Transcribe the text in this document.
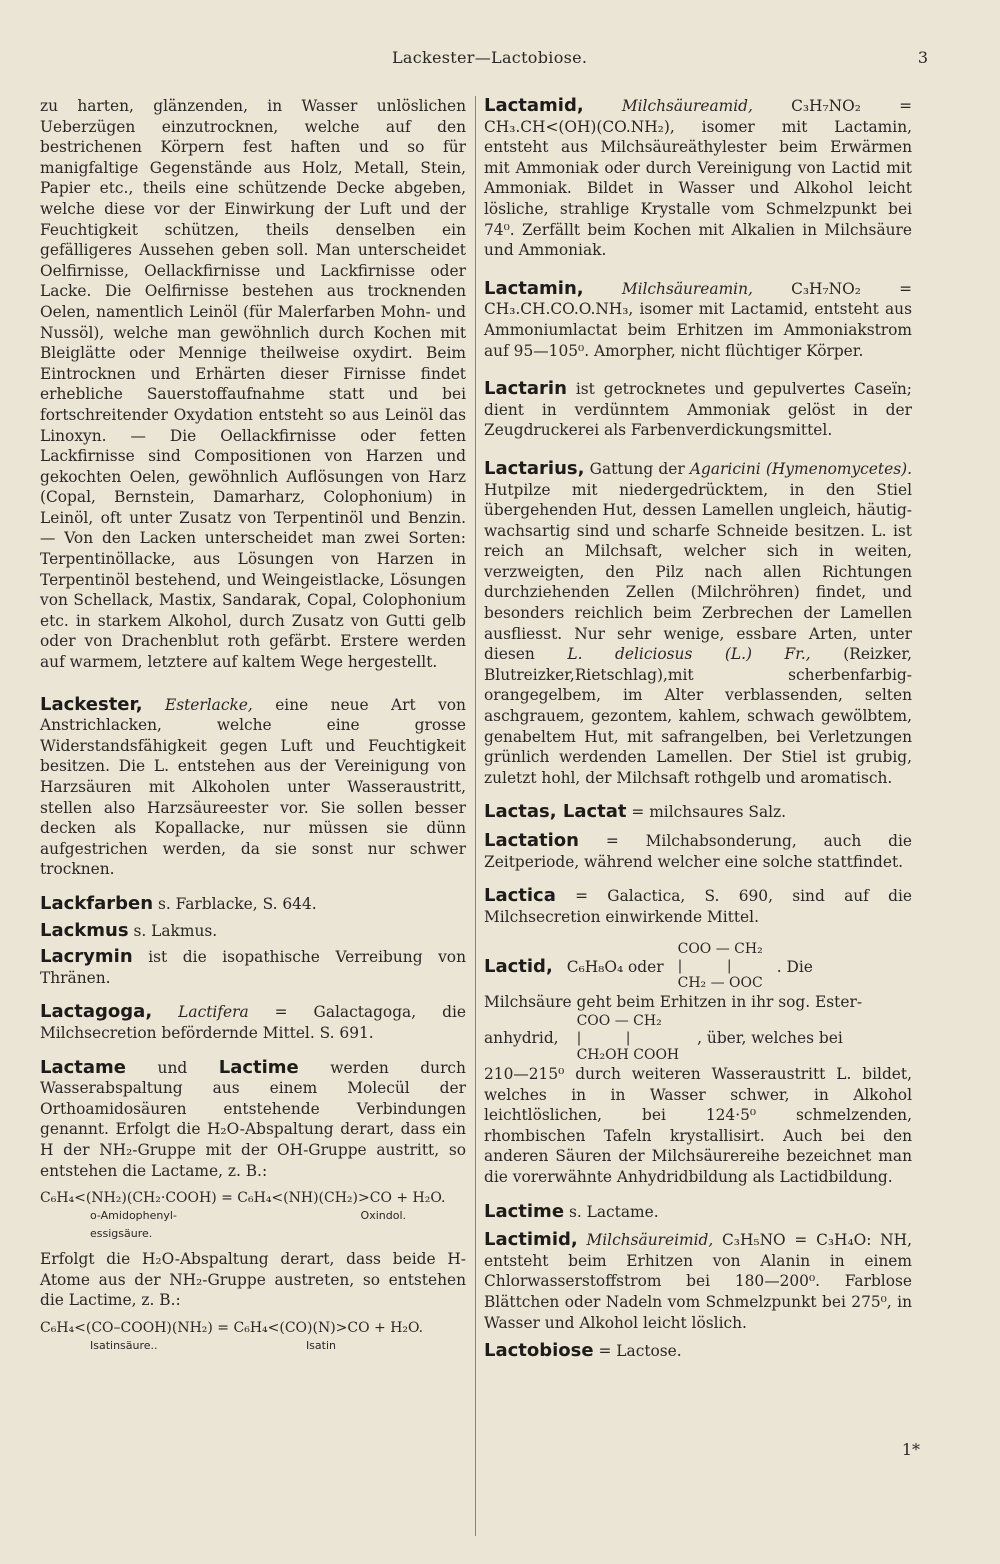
Lackester—Lactobiose.	3

zu harten, glänzenden, in Wasser unlöslichen Ueberzügen einzutrocknen, welche auf den bestrichenen Körpern fest haften und so für manigfaltige Gegenstände aus Holz, Metall, Stein, Papier etc., theils eine schützende Decke abgeben, welche diese vor der Einwirkung der Luft und der Feuchtigkeit schützen, theils denselben ein gefälligeres Aussehen geben soll. Man unterscheidet Oelfirnisse, Oellackfirnisse und Lackfirnisse oder Lacke. Die Oelfirnisse bestehen aus trocknenden Oelen, namentlich Leinöl (für Malerfarben Mohn- und Nussöl), welche man gewöhnlich durch Kochen mit Bleiglätte oder Mennige theilweise oxydirt. Beim Eintrocknen und Erhärten dieser Firnisse findet erhebliche Sauerstoffaufnahme statt und bei fortschreitender Oxydation entsteht so aus Leinöl das Linoxyn. — Die Oellackfirnisse oder fetten Lackfirnisse sind Compositionen von Harzen und gekochten Oelen, gewöhnlich Auflösungen von Harz (Copal, Bernstein, Damarharz, Colophonium) in Leinöl, oft unter Zusatz von Terpentinöl und Benzin. — Von den Lacken unterscheidet man zwei Sorten: Terpentinöllacke, aus Lösungen von Harzen in Terpentinöl bestehend, und Weingeistlacke, Lösungen von Schellack, Mastix, Sandarak, Copal, Colophonium etc. in starkem Alkohol, durch Zusatz von Gutti gelb oder von Drachenblut roth gefärbt. Erstere werden auf warmem, letztere auf kaltem Wege hergestellt.

Lackester, Esterlacke, eine neue Art von Anstrichlacken, welche eine grosse Widerstandsfähigkeit gegen Luft und Feuchtigkeit besitzen. Die L. entstehen aus der Vereinigung von Harzsäuren mit Alkoholen unter Wasseraustritt, stellen also Harzsäureester vor. Sie sollen besser decken als Kopallacke, nur müssen sie dünn aufgestrichen werden, da sie sonst nur schwer trocknen.

Lackfarben s. Farblacke, S. 644.

Lackmus s. Lakmus.

Lacrymin ist die isopathische Verreibung von Thränen.

Lactagoga, Lactifera = Galactagoga, die Milchsecretion befördernde Mittel. S. 691.

Lactame und Lactime werden durch Wasserabspaltung aus einem Molecül der Orthoamidosäuren entstehende Verbindungen genannt. Erfolgt die H₂O-Abspaltung derart, dass ein H der NH₂-Gruppe mit der OH-Gruppe austritt, so entstehen die Lactame, z. B.:

C₆H₄<(NH₂)(CH₂·COOH) = C₆H₄<(NH)(CH₂)>CO + H₂O.
o-Amidophenyl-essigsäure.
Oxindol.

Erfolgt die H₂O-Abspaltung derart, dass beide H-Atome aus der NH₂-Gruppe austreten, so entstehen die Lactime, z. B.:

C₆H₄<(CO–COOH)(NH₂) = C₆H₄<(CO)(N)>CO + H₂O.
Isatinsäure..	Isatin

Lactamid, Milchsäureamid, C₃H₇NO₂ = CH₃.CH<(OH)(CO.NH₂), isomer mit Lactamin, entsteht aus Milchsäureäthylester beim Erwärmen mit Ammoniak oder durch Vereinigung von Lactid mit Ammoniak. Bildet in Wasser und Alkohol leicht lösliche, strahlige Krystalle vom Schmelzpunkt bei 74⁰. Zerfällt beim Kochen mit Alkalien in Milchsäure und Ammoniak.

Lactamin, Milchsäureamin, C₃H₇NO₂ = CH₃.CH.CO.O.NH₃, isomer mit Lactamid, entsteht aus Ammoniumlactat beim Erhitzen im Ammoniakstrom auf 95—105⁰. Amorpher, nicht flüchtiger Körper.

Lactarin ist getrocknetes und gepulvertes Caseïn; dient in verdünntem Ammoniak gelöst in der Zeugdruckerei als Farbenverdickungsmittel.

Lactarius, Gattung der Agaricini (Hymenomycetes). Hutpilze mit niedergedrücktem, in den Stiel übergehenden Hut, dessen Lamellen ungleich, häutig-wachsartig sind und scharfe Schneide besitzen. L. ist reich an Milchsaft, welcher sich in weiten, verzweigten, den Pilz nach allen Richtungen durchziehenden Zellen (Milchröhren) findet, und besonders reichlich beim Zerbrechen der Lamellen ausfliesst. Nur sehr wenige, essbare Arten, unter diesen L. deliciosus (L.) Fr., (Reizker, Blutreizker,Rietschlag),mit scherbenfarbig-orangegelbem, im Alter verblassenden, selten aschgrauem, gezontem, kahlem, schwach gewölbtem, genabeltem Hut, mit safrangelben, bei Verletzungen grünlich werdenden Lamellen. Der Stiel ist grubig, zuletzt hohl, der Milchsaft rothgelb und aromatisch.

Lactas, Lactat = milchsaures Salz.

Lactation = Milchabsonderung, auch die Zeitperiode, während welcher eine solche stattfindet.

Lactica = Galactica, S. 690, sind auf die Milchsecretion einwirkende Mittel.

Lactid, C₆H₈O₄ oder
COO — CH₂
|          |
CH₂ — OOC
. Die

Milchsäure geht beim Erhitzen in ihr sog. Ester-

anhydrid,
COO — CH₂
|          |
CH₂OH COOH
, über, welches bei

210—215⁰ durch weiteren Wasseraustritt L. bildet, welches in in Wasser schwer, in Alkohol leichtlöslichen, bei 124·5⁰ schmelzenden, rhombischen Tafeln krystallisirt. Auch bei den anderen Säuren der Milchsäurereihe bezeichnet man die vorerwähnte Anhydridbildung als Lactidbildung.

Lactime s. Lactame.

Lactimid, Milchsäureimid, C₃H₅NO = C₃H₄O: NH, entsteht beim Erhitzen von Alanin in einem Chlorwasserstoffstrom bei 180—200⁰. Farblose Blättchen oder Nadeln vom Schmelzpunkt bei 275⁰, in Wasser und Alkohol leicht löslich.

Lactobiose = Lactose.

1*
